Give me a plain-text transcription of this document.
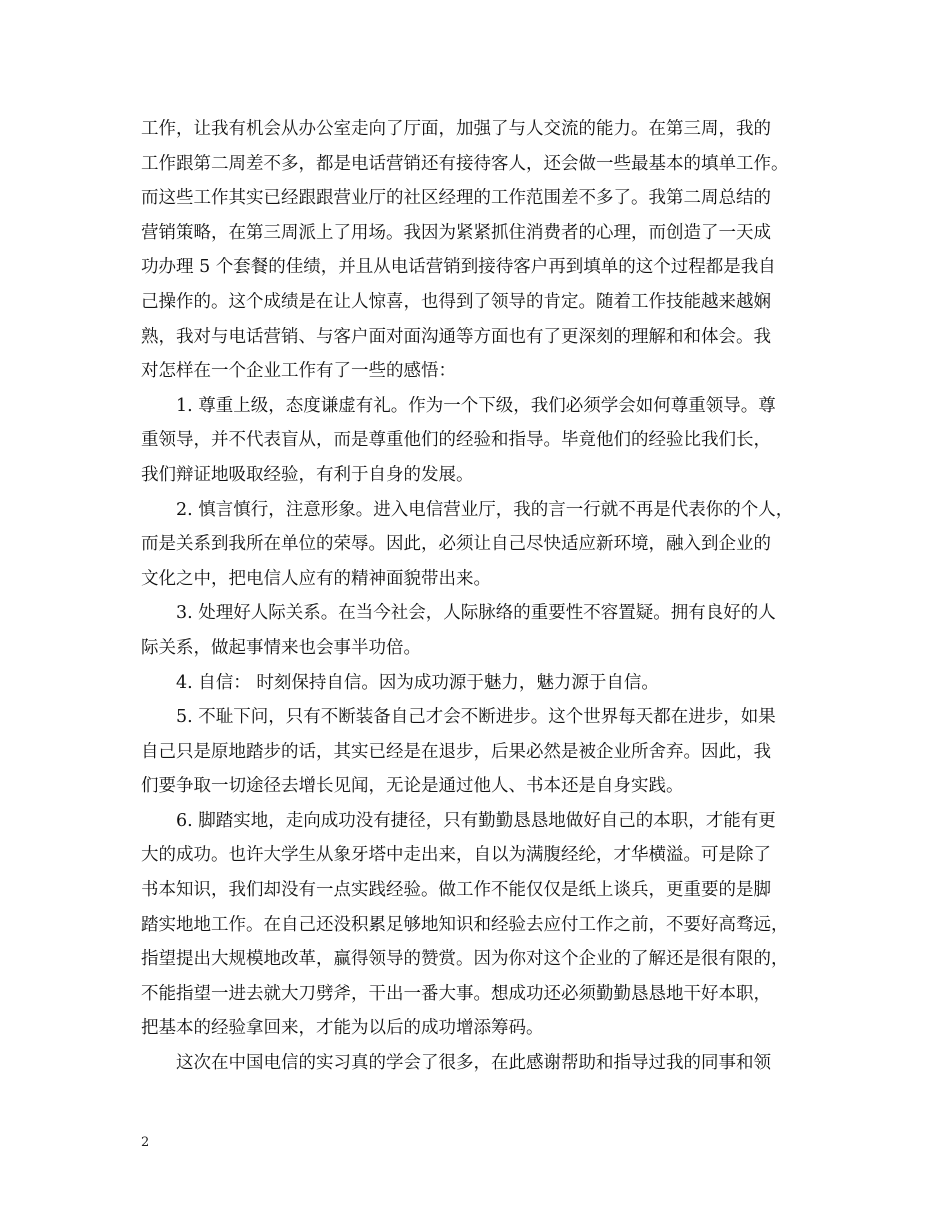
工作，让我有机会从办公室走向了厅面，加强了与人交流的能力。在第三周，我的
工作跟第二周差不多，都是电话营销还有接待客人，还会做一些最基本的填单工作。
而这些工作其实已经跟跟营业厅的社区经理的工作范围差不多了。我第二周总结的
营销策略，在第三周派上了用场。我因为紧紧抓住消费者的心理，而创造了一天成
功办理 5 个套餐的佳绩，并且从电话营销到接待客户再到填单的这个过程都是我自
己操作的。这个成绩是在让人惊喜，也得到了领导的肯定。随着工作技能越来越娴
熟，我对与电话营销、与客户面对面沟通等方面也有了更深刻的理解和和体会。我
对怎样在一个企业工作有了一些的感悟：
1. 尊重上级，态度谦虚有礼。作为一个下级，我们必须学会如何尊重领导。尊
重领导，并不代表盲从，而是尊重他们的经验和指导。毕竟他们的经验比我们长，
我们辩证地吸取经验，有利于自身的发展。
2. 慎言慎行，注意形象。进入电信营业厅，我的言一行就不再是代表你的个人，
而是关系到我所在单位的荣辱。因此，必须让自己尽快适应新环境，融入到企业的
文化之中，把电信人应有的精神面貌带出来。
3. 处理好人际关系。在当今社会，人际脉络的重要性不容置疑。拥有良好的人
际关系，做起事情来也会事半功倍。
4. 自信： 时刻保持自信。因为成功源于魅力，魅力源于自信。
5. 不耻下问，只有不断装备自己才会不断进步。这个世界每天都在进步，如果
自己只是原地踏步的话，其实已经是在退步，后果必然是被企业所舍弃。因此，我
们要争取一切途径去增长见闻，无论是通过他人、书本还是自身实践。
6. 脚踏实地，走向成功没有捷径，只有勤勤恳恳地做好自己的本职，才能有更
大的成功。也许大学生从象牙塔中走出来，自以为满腹经纶，才华横溢。可是除了
书本知识，我们却没有一点实践经验。做工作不能仅仅是纸上谈兵，更重要的是脚
踏实地地工作。在自己还没积累足够地知识和经验去应付工作之前，不要好高骛远，
指望提出大规模地改革，赢得领导的赞赏。因为你对这个企业的了解还是很有限的，
不能指望一进去就大刀劈斧，干出一番大事。想成功还必须勤勤恳恳地干好本职，
把基本的经验拿回来，才能为以后的成功增添筹码。
这次在中国电信的实习真的学会了很多，在此感谢帮助和指导过我的同事和领
2
